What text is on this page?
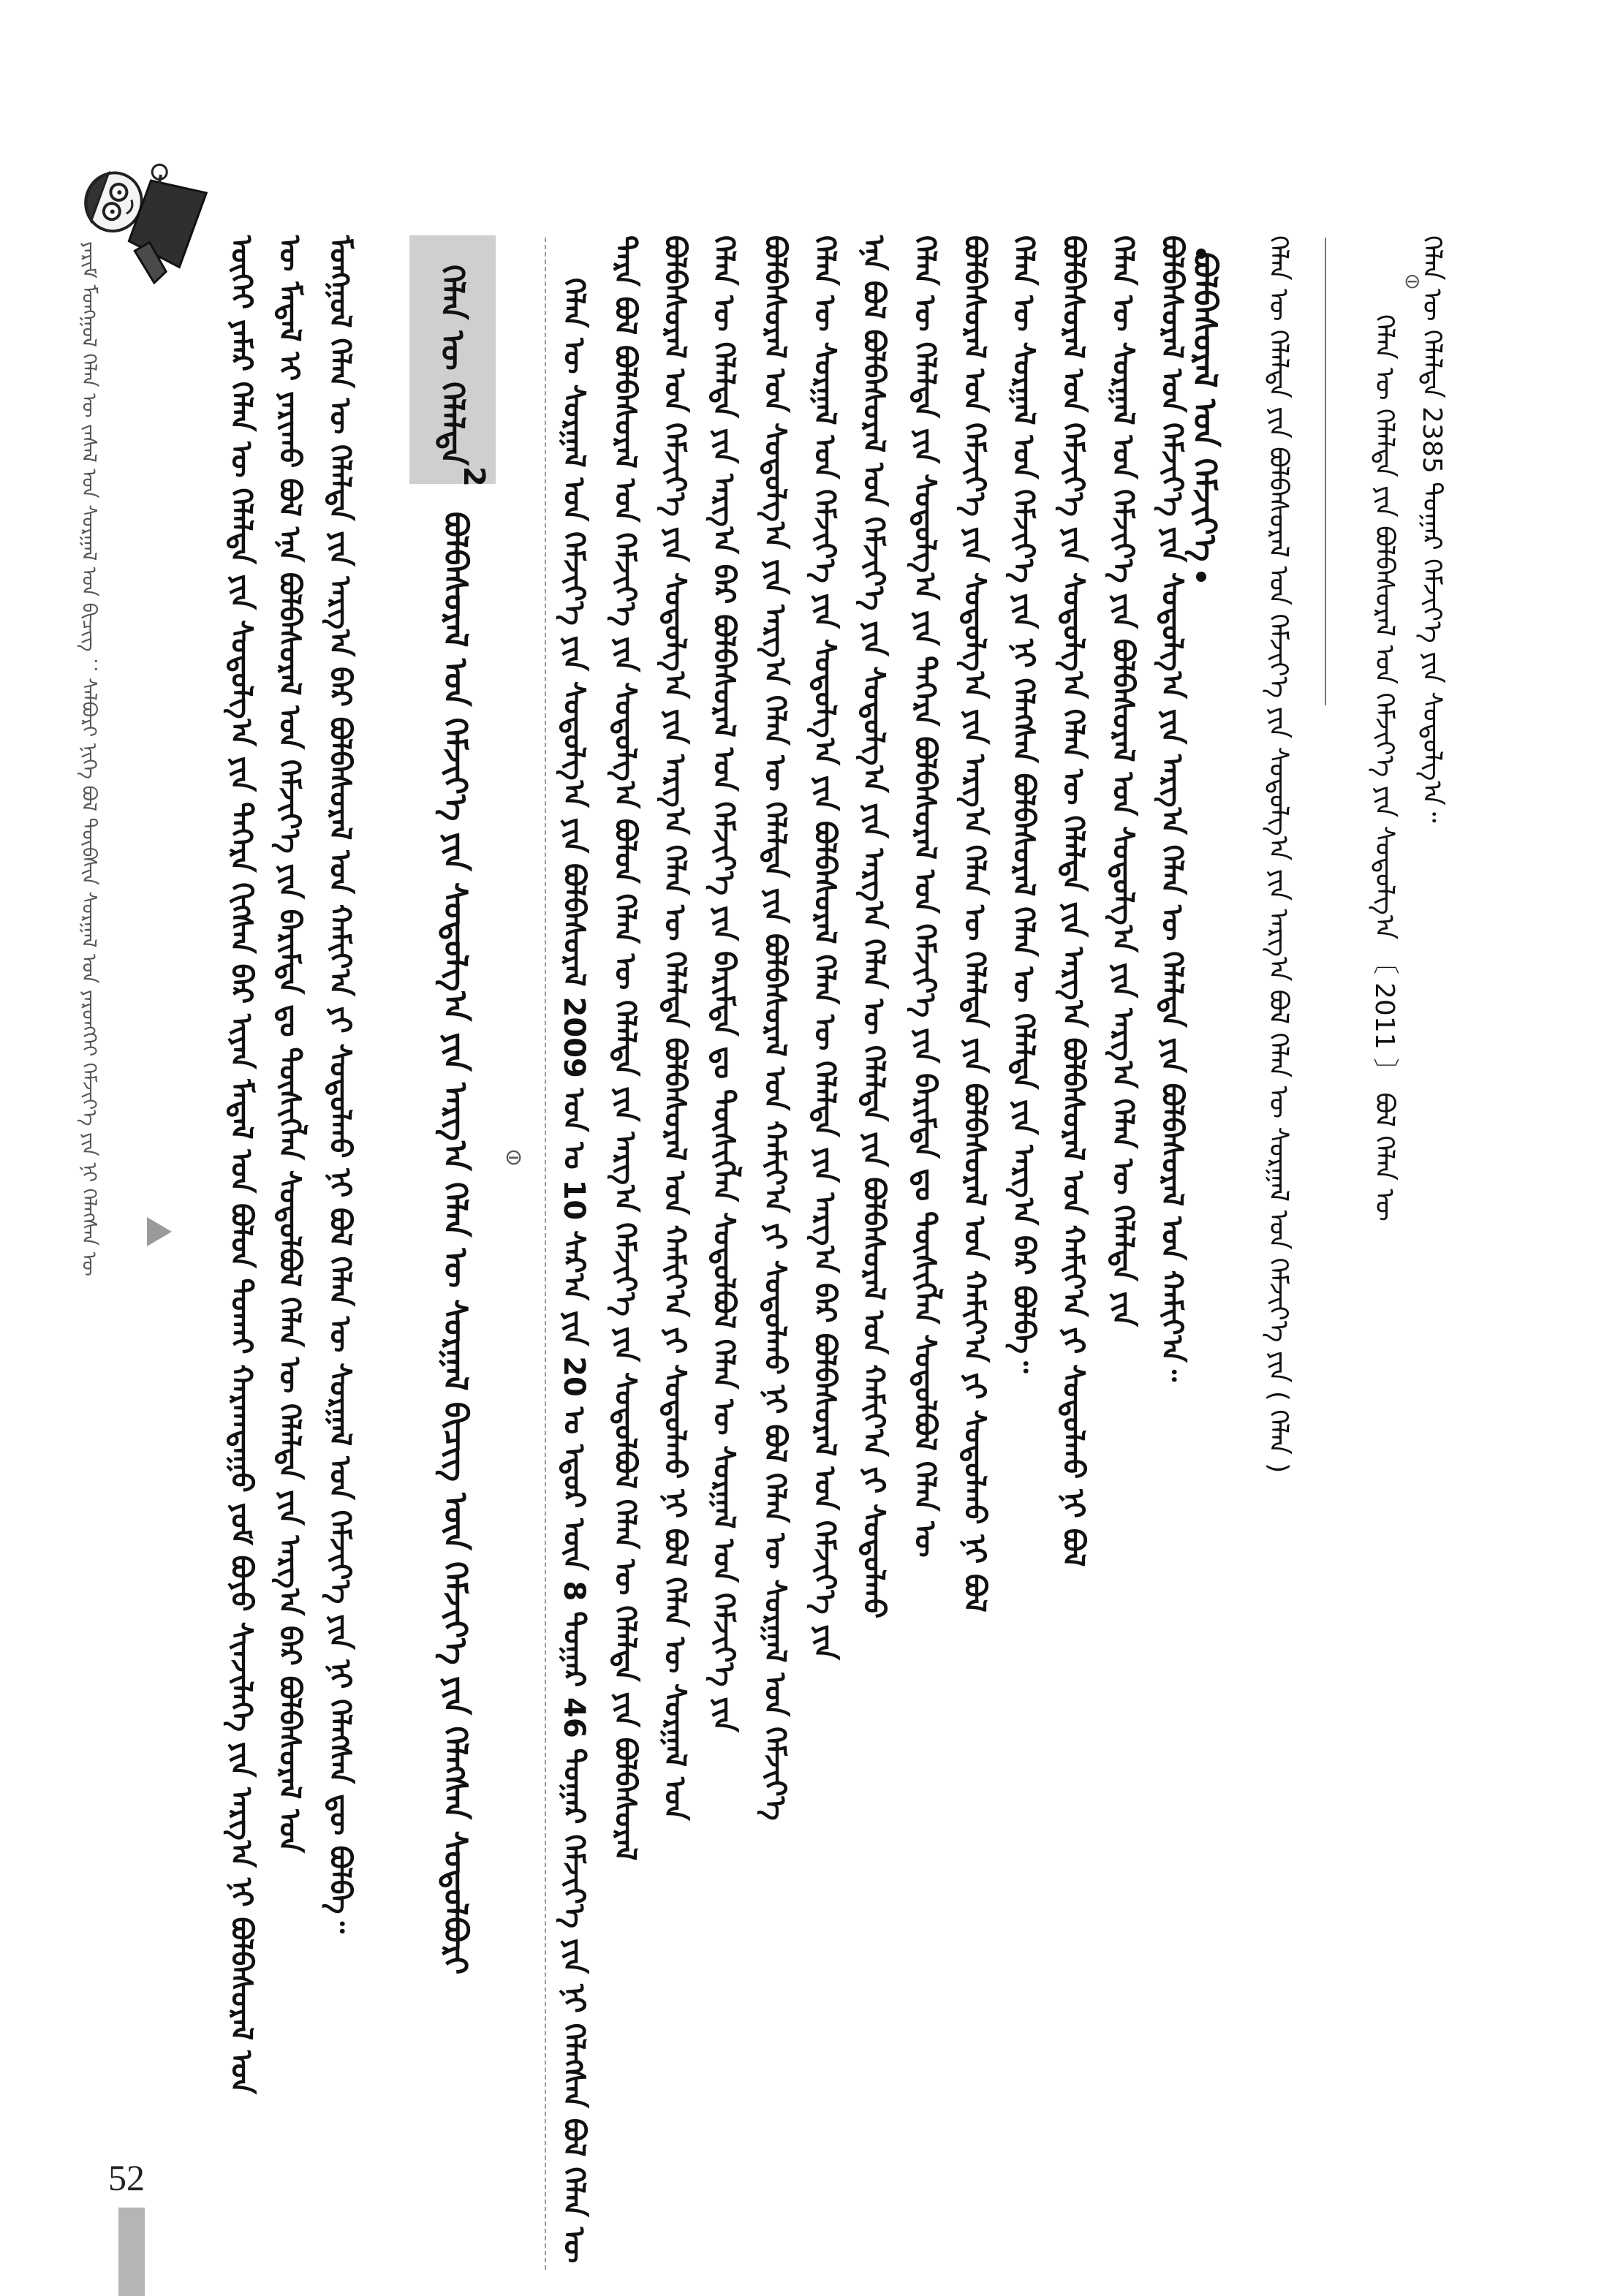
ᠶᠠᠷᠢᠮ ᠮᠣᠩᠭᠣᠯ ᠬᠡᠯᠡᠨ ᠦ ᠵᠠᠰᠠᠯ ᠤᠨ ᠰᠤᠷᠭᠠᠯ ᠤᠨ ᠪᠢᠴᠢᠭ᠌ ：ᠰᠠᠯᠪᠤᠷᠢ ᠨᠢᠭᠡ ᠪᠤᠯ ᠲᠦᠪᠰᠢᠨ ᠰᠤᠷᠭᠠᠯ ᠤᠨ ᠶᠡᠷᠦᠩᠬᠡᠢ ᠬᠡᠮᠵᠢᠶ᠎ᠡ ᠶᠢᠨ ᠨᠢ ᠬᠡᠯᠡᠭᠰᠡᠨ ᠦ	ᠦᠭᠡᠢ ᠶᠠᠮᠠᠷ ᠬᠡᠯᠡᠨ ᠦ ᠬᠡᠯᠡᠯᠲᠡ ᠶᠢᠨ ᠰᠤᠳᠤᠯᠭ᠎ᠠ ᠶᠢᠨ ᠳᠡᠭᠡᠷᠡ ᠬᠢᠭᠰᠡᠨ ᠪᠠᠷ ᠢᠶᠠᠨ ᠮᠠᠳᠠᠯ ᠤᠨ ᠪᠤᠯᠤᠨ ᠲᠤᠬᠠᠢ ᠬᠠᠷᠠᠭᠳᠠᠭᠤ ᠶᠤᠮ ᠪᠤᠶᠤ ᠰᠢᠨᠵᠢᠯᠡᠭᠡ ᠶᠢᠨ ᠠᠷᠭ᠎ᠠ ᠨᠢ ᠪᠣᠯᠪᠠᠰᠤᠷᠠᠯ ᠤᠨ ᠦ ᠮᠠᠳᠠᠯ ᠢ ᠶᠠᠷᠢᠬᠤ ᠪᠣᠯ ᠡᠨᠡ ᠪᠣᠯᠪᠠᠰᠤᠷᠠᠯ ᠤᠨ ᠬᠡᠮᠵᠢᠶ᠎ᠡ ᠶᠢᠨ ᠪᠠᠷᠢᠮᠲᠠ ᠳᠤ ᠲᠦᠰᠢᠭᠯᠡᠨ ᠰᠤᠳᠤᠯᠪᠤᠯ ᠬᠡᠯᠡᠨ ᠦ ᠬᠡᠯᠡᠯᠲᠡ ᠶᠢᠨ ᠠᠷᠭ᠎ᠠ ᠪᠠᠷ ᠪᠣᠯᠪᠠᠰᠤᠷᠠᠯ ᠤᠨ ᠮᠣᠩᠭᠣᠯ ᠬᠡᠯᠡᠨ ᠦ ᠬᠡᠯᠡᠯᠲᠡ ᠶᠢᠨ ᠠᠷᠭ᠎ᠠ ᠪᠠᠷ ᠪᠣᠯᠪᠠᠰᠤᠷᠠᠯ ᠤᠨ ᠬᠠᠮᠢᠶ᠎ᠠ ᠶᠢ ᠰᠤᠳᠤᠯᠬᠤ ᠨᠢ ᠪᠣᠯ ᠬᠡᠯᠡᠨ ᠦ ᠰᠤᠷᠭᠠᠯ ᠤᠨ ᠬᠡᠮᠵᠢᠶ᠎ᠡ ᠶᠢᠨ ᠨᠢ ᠬᠡᠯᠡᠭᠰᠡᠨ ᠳᠦ ᠪᠣᠯᠪᠠ᠃ ᠬᠡᠯᠡᠨ ᠦ ᠬᠡᠯᠡᠯᠲᠡ
2
ᠪᠤᠯᠪᠠᠰᠤᠷᠠᠯ ᠤᠨ ᠬᠡᠮᠵᠢᠶ᠎ᠡ ᠶᠢᠨ ᠰᠤᠳᠤᠯᠭ᠎ᠠ ᠶᠢᠨ ᠠᠷᠭ᠎ᠠ ᠬᠡᠯᠡᠨ ᠦ ᠰᠤᠷᠭᠠᠯ ᠪᠢᠴᠢᠭ᠌ ᠦᠨ ᠬᠡᠮᠵᠢᠶ᠎ᠡ ᠶᠢᠨ ᠬᠡᠯᠡᠭᠰᠡᠨ ᠰᠤᠳᠤᠯᠪᠤᠷᠢ ⊖ ᠬᠡᠯᠡᠨ ᠦ ᠰᠤᠷᠭᠠᠯ ᠤᠨ ᠬᠡᠮᠵᠢᠶ᠎ᠡ ᠶᠢᠨ ᠰᠤᠳᠤᠯᠭ᠎ᠠ ᠶᠢᠨ ᠪᠣᠯᠪᠠᠰᠤᠷᠠᠯ 2009 ᠣᠨ ᠤ 10 ᠰᠠᠷ᠎ᠠ ᠶᠢᠨ 20 ᠤ ᠡᠳᠦᠷ ᠦᠨ 8 ᠳᠤᠭᠠᠷ 46 ᠳᠤᠭᠠᠷ ᠬᠡᠮᠵᠢᠶ᠎ᠡ ᠶᠢᠨ ᠨᠢ ᠬᠡᠯᠡᠭᠰᠡᠨ ᠪᠣᠯ ᠬᠡᠯᠡᠨ ᠦ ᠲᠡᠷᠡ ᠪᠣᠯ ᠪᠣᠯᠪᠠᠰᠤᠷᠠᠯ ᠤᠨ ᠬᠡᠮᠵᠢᠶ᠎ᠡ ᠶᠢᠨ ᠰᠤᠳᠤᠯᠭ᠎ᠠ ᠪᠣᠯᠤᠨ ᠬᠡᠯᠡᠨ ᠦ ᠬᠡᠯᠡᠯᠲᠡ ᠶᠢᠨ ᠠᠷᠭ᠎ᠠ ᠬᠡᠮᠵᠢᠶ᠎ᠡ ᠶᠢᠨ ᠰᠤᠳᠤᠯᠪᠤᠯ ᠬᠡᠯᠡᠨ ᠦ ᠬᠡᠯᠡᠯᠲᠡ ᠶᠢᠨ ᠪᠣᠯᠪᠠᠰᠤᠷᠠᠯ ᠪᠣᠯᠪᠠᠰᠤᠷᠠᠯ ᠤᠨ ᠬᠡᠮᠵᠢᠶ᠎ᠡ ᠶᠢᠨ ᠰᠤᠳᠤᠯᠭ᠎ᠠ ᠶᠢᠨ ᠠᠷᠭ᠎ᠠ ᠬᠡᠯᠡᠨ ᠦ ᠬᠡᠯᠡᠯᠲᠡ ᠪᠣᠯᠪᠠᠰᠤᠷᠠᠯ ᠤᠨ ᠬᠠᠮᠢᠶ᠎ᠠ ᠶᠢ ᠰᠤᠳᠤᠯᠬᠤ ᠨᠢ ᠪᠣᠯ ᠬᠡᠯᠡᠨ ᠦ ᠰᠤᠷᠭᠠᠯ ᠤᠨ ᠬᠡᠯᠡᠨ ᠦ ᠬᠡᠯᠡᠯᠲᠡ ᠶᠢᠨ ᠠᠷᠭ᠎ᠠ ᠪᠠᠷ ᠪᠣᠯᠪᠠᠰᠤᠷᠠᠯ ᠤᠨ ᠬᠡᠮᠵᠢᠶ᠎ᠡ ᠶᠢᠨ ᠪᠠᠷᠢᠮᠲᠠ ᠳᠤ ᠲᠦᠰᠢᠭᠯᠡᠨ ᠰᠤᠳᠤᠯᠪᠤᠯ ᠬᠡᠯᠡᠨ ᠦ ᠰᠤᠷᠭᠠᠯ ᠤᠨ ᠬᠡᠮᠵᠢᠶ᠎ᠡ ᠶᠢᠨ ᠪᠣᠯᠪᠠᠰᠤᠷᠠᠯ ᠤᠨ ᠰᠤᠳᠤᠯᠭ᠎ᠠ ᠶᠢᠨ ᠠᠷᠭ᠎ᠠ ᠬᠡᠯᠡᠨ ᠦ ᠬᠡᠯᠡᠯᠲᠡ ᠶᠢᠨ ᠪᠣᠯᠪᠠᠰᠤᠷᠠᠯ ᠤᠨ ᠬᠠᠮᠢᠶ᠎ᠠ ᠶᠢ ᠰᠤᠳᠤᠯᠬᠤ ᠨᠢ ᠪᠣᠯ ᠬᠡᠯᠡᠨ ᠦ ᠰᠤᠷᠭᠠᠯ ᠤᠨ ᠬᠡᠮᠵᠢᠶ᠎ᠡ ᠬᠡᠯᠡᠨ ᠦ ᠰᠤᠷᠭᠠᠯ ᠤᠨ ᠬᠡᠮᠵᠢᠶ᠎ᠡ ᠶᠢᠨ ᠰᠤᠳᠤᠯᠭ᠎ᠠ ᠶᠢᠨ ᠪᠣᠯᠪᠠᠰᠤᠷᠠᠯ ᠬᠡᠯᠡᠨ ᠦ ᠬᠡᠯᠡᠯᠲᠡ ᠶᠢᠨ ᠠᠷᠭ᠎ᠠ ᠪᠠᠷ ᠪᠣᠯᠪᠠᠰᠤᠷᠠᠯ ᠤᠨ ᠬᠡᠮᠵᠢᠶ᠎ᠡ ᠶᠢᠨ ᠡᠨᠡ ᠪᠣᠯ ᠪᠣᠯᠪᠠᠰᠤᠷᠠᠯ ᠤᠨ ᠬᠡᠮᠵᠢᠶ᠎ᠡ ᠶᠢᠨ ᠰᠤᠳᠤᠯᠭ᠎ᠠ ᠶᠢᠨ ᠠᠷᠭ᠎ᠠ ᠬᠡᠯᠡᠨ ᠦ ᠬᠡᠯᠡᠯᠲᠡ ᠶᠢᠨ ᠪᠣᠯᠪᠠᠰᠤᠷᠠᠯ ᠤᠨ ᠬᠠᠮᠢᠶ᠎ᠠ ᠶᠢ ᠰᠤᠳᠤᠯᠬᠤ ᠬᠡᠯᠡᠨ ᠦ ᠬᠡᠯᠡᠯᠲᠡ ᠶᠢᠨ ᠰᠤᠳᠤᠯᠭ᠎ᠠ ᠶᠢᠨ ᠳᠡᠭᠡᠷᠡ ᠪᠣᠯᠪᠠᠰᠤᠷᠠᠯ ᠤᠨ ᠬᠡᠮᠵᠢᠶ᠎ᠡ ᠶᠢᠨ ᠪᠠᠷᠢᠮᠲᠠ ᠳᠤ ᠲᠦᠰᠢᠭᠯᠡᠨ ᠰᠤᠳᠤᠯᠪᠤᠯ ᠬᠡᠯᠡᠨ ᠦ ᠪᠣᠯᠪᠠᠰᠤᠷᠠᠯ ᠤᠨ ᠬᠡᠮᠵᠢᠶ᠎ᠡ ᠶᠢᠨ ᠰᠤᠳᠤᠯᠭ᠎ᠠ ᠶᠢᠨ ᠠᠷᠭ᠎ᠠ ᠬᠡᠯᠡᠨ ᠦ ᠬᠡᠯᠡᠯᠲᠡ ᠶᠢᠨ ᠪᠣᠯᠪᠠᠰᠤᠷᠠᠯ ᠤᠨ ᠬᠠᠮᠢᠶ᠎ᠠ ᠶᠢ ᠰᠤᠳᠤᠯᠬᠤ ᠨᠢ ᠪᠣᠯ ᠬᠡᠯᠡᠨ ᠦ ᠰᠤᠷᠭᠠᠯ ᠤᠨ ᠬᠡᠮᠵᠢᠶ᠎ᠡ ᠶᠢᠨ ᠨᠢ ᠬᠡᠯᠡᠭᠰᠡᠨ ᠪᠣᠯᠪᠠᠰᠤᠷᠠᠯ ᠬᠡᠯᠡᠨ ᠦ ᠬᠡᠯᠡᠯᠲᠡ ᠶᠢᠨ ᠠᠷᠭ᠎ᠠ ᠪᠠᠷ ᠪᠣᠯᠪᠠ᠃ ᠪᠣᠯᠪᠠᠰᠤᠷᠠᠯ ᠤᠨ ᠬᠡᠮᠵᠢᠶ᠎ᠡ ᠶᠢᠨ ᠰᠤᠳᠤᠯᠭ᠎ᠠ ᠬᠡᠯᠡᠨ ᠦ ᠬᠡᠯᠡᠯᠲᠡ ᠶᠢᠨ ᠠᠷᠭ᠎ᠠ ᠪᠣᠯᠪᠠᠰᠤᠷᠠᠯ ᠤᠨ ᠬᠠᠮᠢᠶ᠎ᠠ ᠶᠢ ᠰᠤᠳᠤᠯᠬᠤ ᠨᠢ ᠪᠣᠯ ᠬᠡᠯᠡᠨ ᠦ ᠰᠤᠷᠭᠠᠯ ᠤᠨ ᠬᠡᠮᠵᠢᠶ᠎ᠡ ᠶᠢᠨ ᠪᠣᠯᠪᠠᠰᠤᠷᠠᠯ ᠤᠨ ᠰᠤᠳᠤᠯᠭ᠎ᠠ ᠶᠢᠨ ᠠᠷᠭ᠎ᠠ ᠬᠡᠯᠡᠨ ᠦ ᠬᠡᠯᠡᠯᠲᠡ ᠶᠢᠨ ᠪᠣᠯᠪᠠᠰᠤᠷᠠᠯ ᠤᠨ ᠬᠡᠮᠵᠢᠶ᠎ᠡ ᠶᠢᠨ ᠰᠤᠳᠤᠯᠭ᠎ᠠ ᠶᠢᠨ ᠠᠷᠭ᠎ᠠ ᠬᠡᠯᠡᠨ ᠦ ᠬᠡᠯᠡᠯᠲᠡ ᠶᠢᠨ ᠪᠣᠯᠪᠠᠰᠤᠷᠠᠯ ᠤᠨ ᠬᠠᠮᠢᠶ᠎ᠠ᠃
ᠪᠣᠯᠪᠠᠰᠤᠷᠠᠯ ᠤᠨ ᠬᠡᠮᠵᠢᠶ᠎ᠡ ᠬᠡᠯᠡᠨ ᠦ ᠬᠡᠯᠡᠯᠲᠡ ᠶᠢᠨ ᠪᠣᠯᠪᠠᠰᠤᠷᠠᠯ ᠤᠨ ᠬᠡᠮᠵᠢᠶ᠎ᠡ ᠶᠢᠨ ᠰᠤᠳᠤᠯᠭ᠎ᠠ ᠶᠢᠨ ᠠᠷᠭ᠎ᠠ ᠪᠣᠯ ᠬᠡᠯᠡᠨ ᠦ ᠰᠤᠷᠭᠠᠯ ᠤᠨ ᠬᠡᠮᠵᠢᠶ᠎ᠡ ᠶᠢᠨ ( ᠬᠡᠯᠡᠨ )	ᠬᠡᠯᠡᠨ ᠦ ᠬᠡᠯᠡᠯᠲᠡ ᠶᠢᠨ ᠪᠣᠯᠪᠠᠰᠤᠷᠠᠯ ᠤᠨ ᠬᠡᠮᠵᠢᠶ᠎ᠡ ᠶᠢᠨ ᠰᠤᠳᠤᠯᠭ᠎ᠠ 〔 2011 〕 ᠪᠣᠯ ᠬᠡᠯᠡᠨ ᠦ
⊖
ᠬᠡᠯᠡᠨ ᠦ ᠬᠡᠯᠡᠯᠲᠡ 2385 ᠳᠤᠭᠠᠷ ᠬᠡᠮᠵᠢᠶ᠎ᠡ ᠶᠢᠨ ᠰᠤᠳᠤᠯᠭ᠎ᠠ᠃
52
